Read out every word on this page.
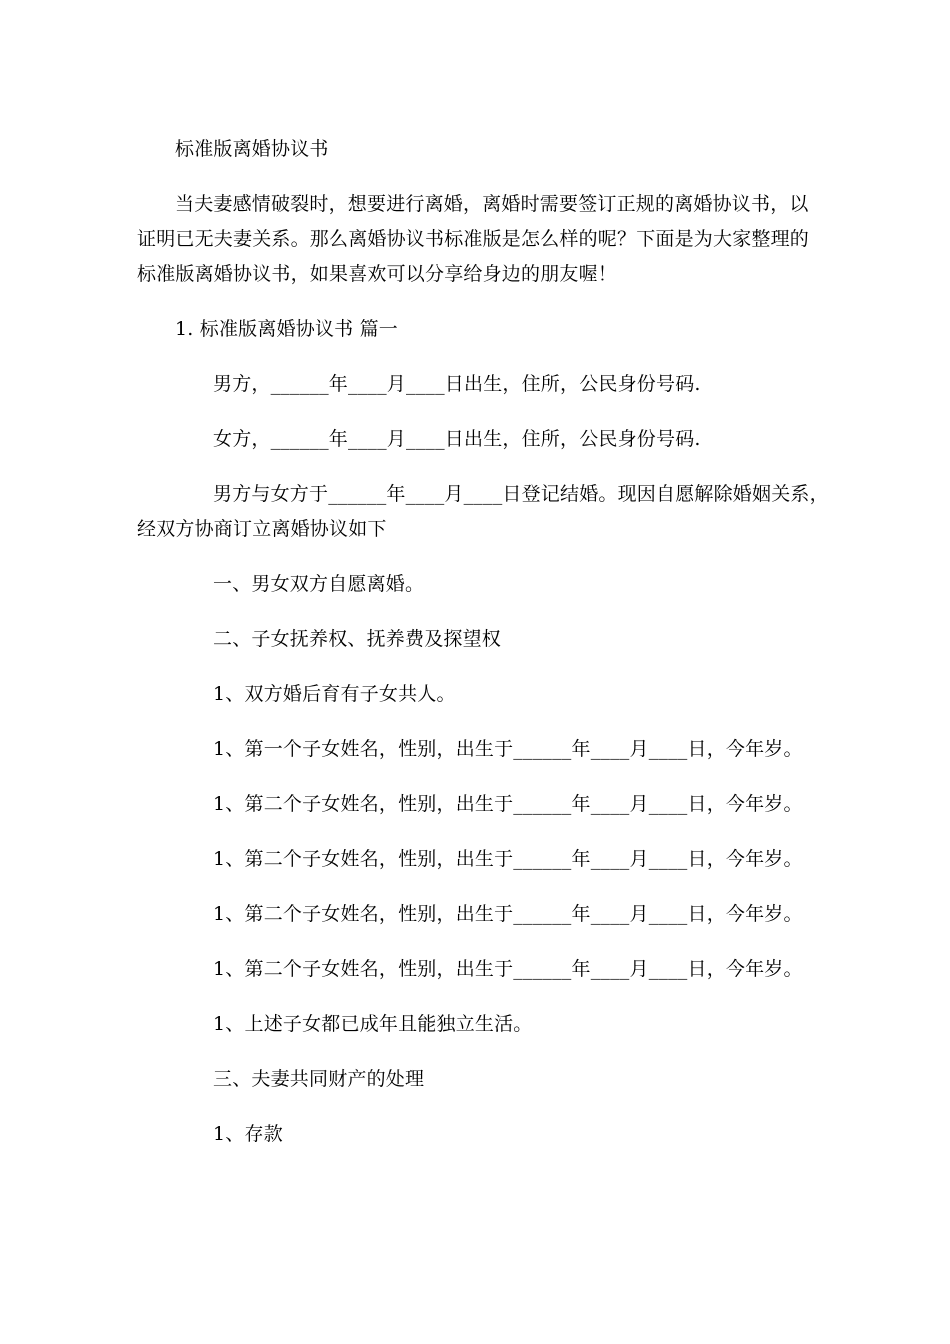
标准版离婚协议书
当夫妻感情破裂时，想要进行离婚，离婚时需要签订正规的离婚协议书，以
证明已无夫妻关系。那么离婚协议书标准版是怎么样的呢？下面是为大家整理的
标准版离婚协议书，如果喜欢可以分享给身边的朋友喔！
1. 标准版离婚协议书 篇一
男方，______年____月____日出生，住所，公民身份号码.
女方，______年____月____日出生，住所，公民身份号码.
男方与女方于______年____月____日登记结婚。现因自愿解除婚姻关系，
经双方协商订立离婚协议如下
一、男女双方自愿离婚。
二、子女抚养权、抚养费及探望权
1、双方婚后育有子女共人。
1、第一个子女姓名，性别，出生于______年____月____日，今年岁。
1、第二个子女姓名，性别，出生于______年____月____日，今年岁。
1、第二个子女姓名，性别，出生于______年____月____日，今年岁。
1、第二个子女姓名，性别，出生于______年____月____日，今年岁。
1、第二个子女姓名，性别，出生于______年____月____日，今年岁。
1、上述子女都已成年且能独立生活。
三、夫妻共同财产的处理
1、存款
